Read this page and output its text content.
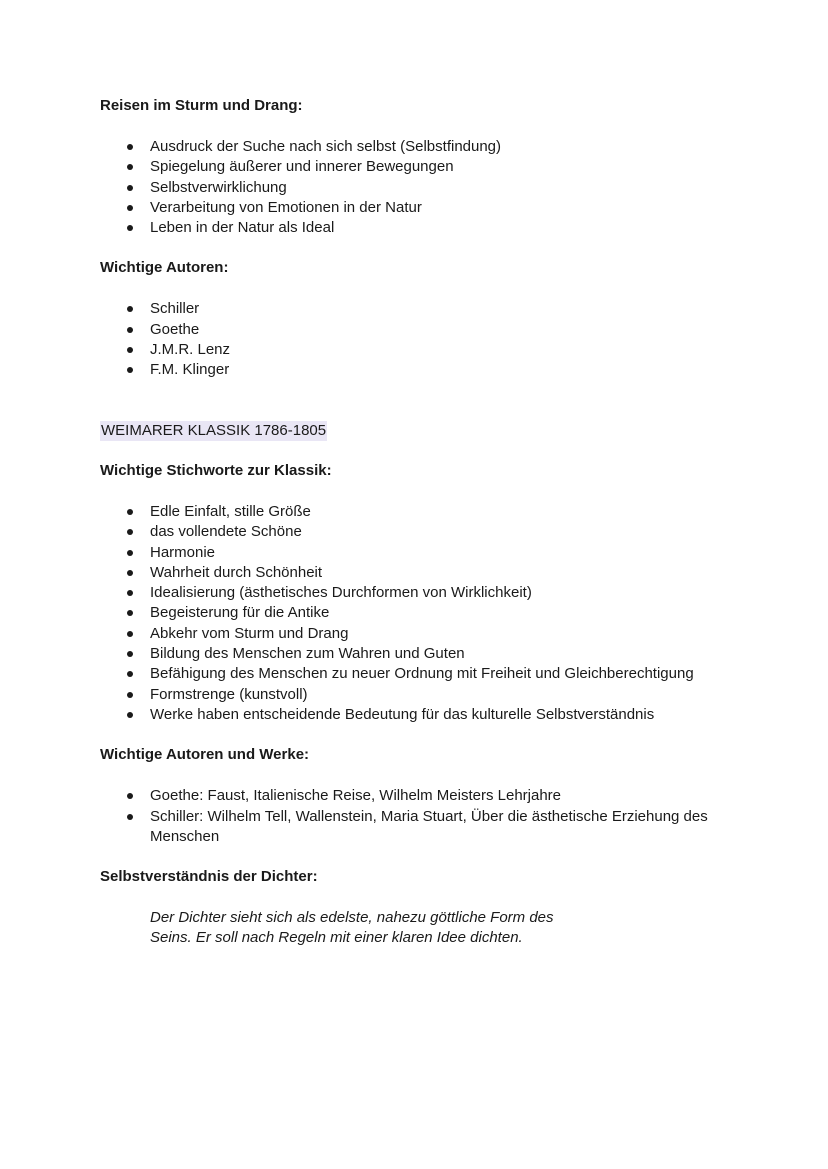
Reisen im Sturm und Drang:

Ausdruck der Suche nach sich selbst (Selbstfindung)
Spiegelung äußerer und innerer Bewegungen
Selbstverwirklichung
Verarbeitung von Emotionen in der Natur
Leben in der Natur als Ideal

Wichtige Autoren:

Schiller
Goethe
J.M.R. Lenz
F.M. Klinger

WEIMARER KLASSIK 1786-1805

Wichtige Stichworte zur Klassik:

Edle Einfalt, stille Größe
das vollendete Schöne
Harmonie
Wahrheit durch Schönheit
Idealisierung (ästhetisches Durchformen von Wirklichkeit)
Begeisterung für die Antike
Abkehr vom Sturm und Drang
Bildung des Menschen zum Wahren und Guten
Befähigung des Menschen zu neuer Ordnung mit Freiheit und Gleichberechtigung
Formstrenge (kunstvoll)
Werke haben entscheidende Bedeutung für das kulturelle Selbstverständnis

Wichtige Autoren und Werke:

Goethe: Faust, Italienische Reise, Wilhelm Meisters Lehrjahre
Schiller: Wilhelm Tell, Wallenstein, Maria Stuart, Über die ästhetische Erziehung des Menschen

Selbstverständnis der Dichter:

Der Dichter sieht sich als edelste, nahezu göttliche Form des Seins. Er soll nach Regeln mit einer klaren Idee dichten.
